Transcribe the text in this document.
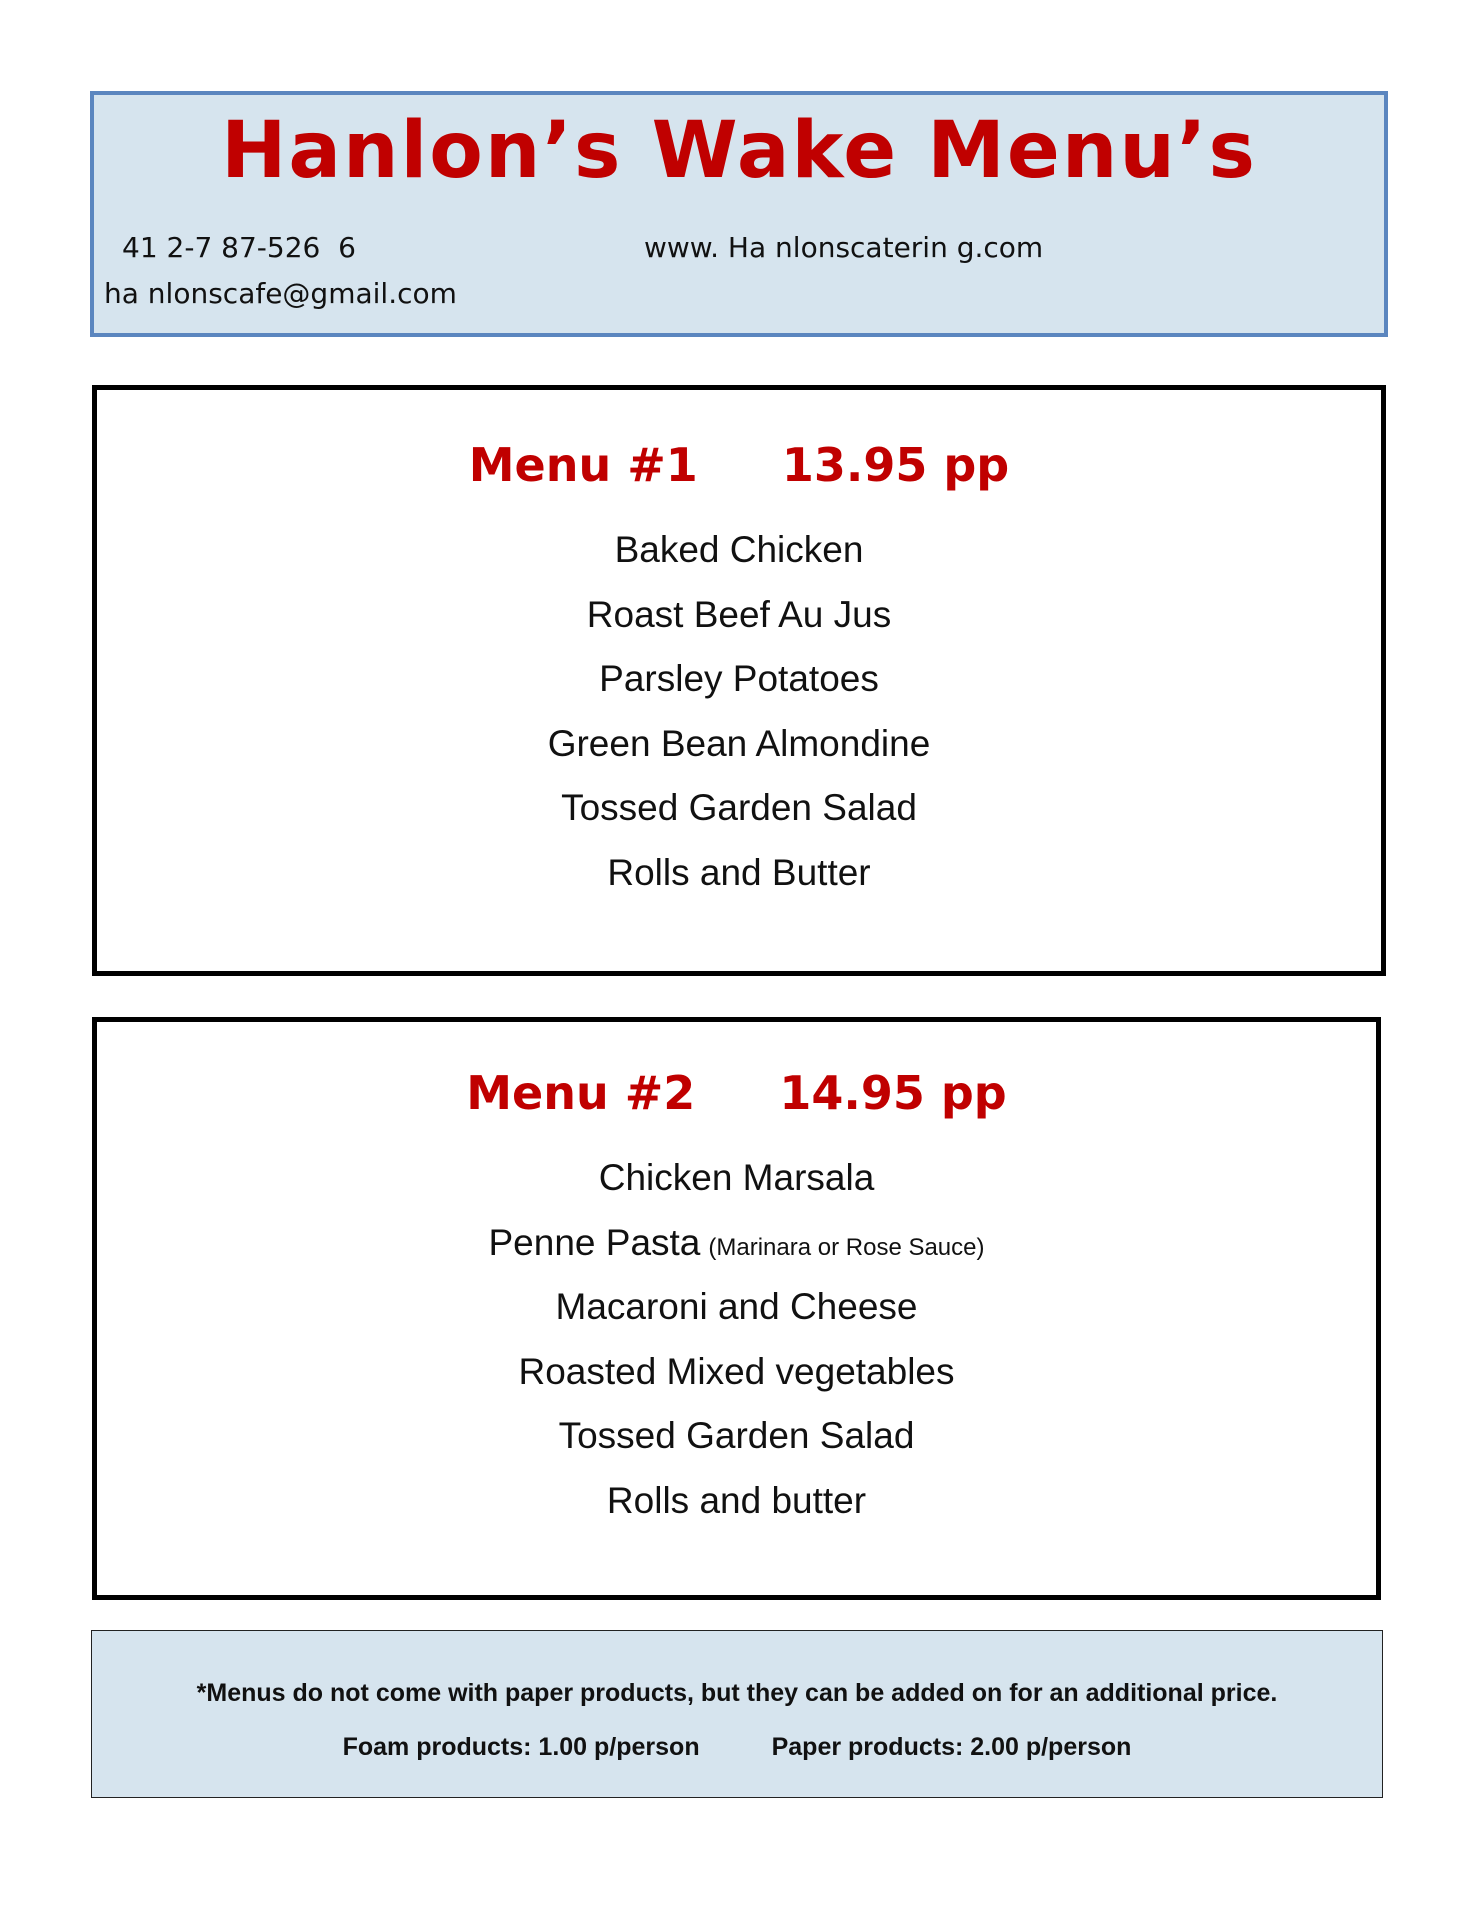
Hanlon’s Wake Menu’s
41 2-7 87-526  6	www. Ha nlonscaterin g.com
ha nlonscafe@gmail.com
Menu #1 13.95 pp
Baked Chicken
Roast Beef Au Jus
Parsley Potatoes
Green Bean Almondine
Tossed Garden Salad
Rolls and Butter
Menu #2 14.95 pp
Chicken Marsala
Penne Pasta (Marinara or Rose Sauce)
Macaroni and Cheese
Roasted Mixed vegetables
Tossed Garden Salad
Rolls and butter
*Menus do not come with paper products, but they can be added on for an additional price.
Foam products: 1.00 p/person	Paper products: 2.00 p/person
